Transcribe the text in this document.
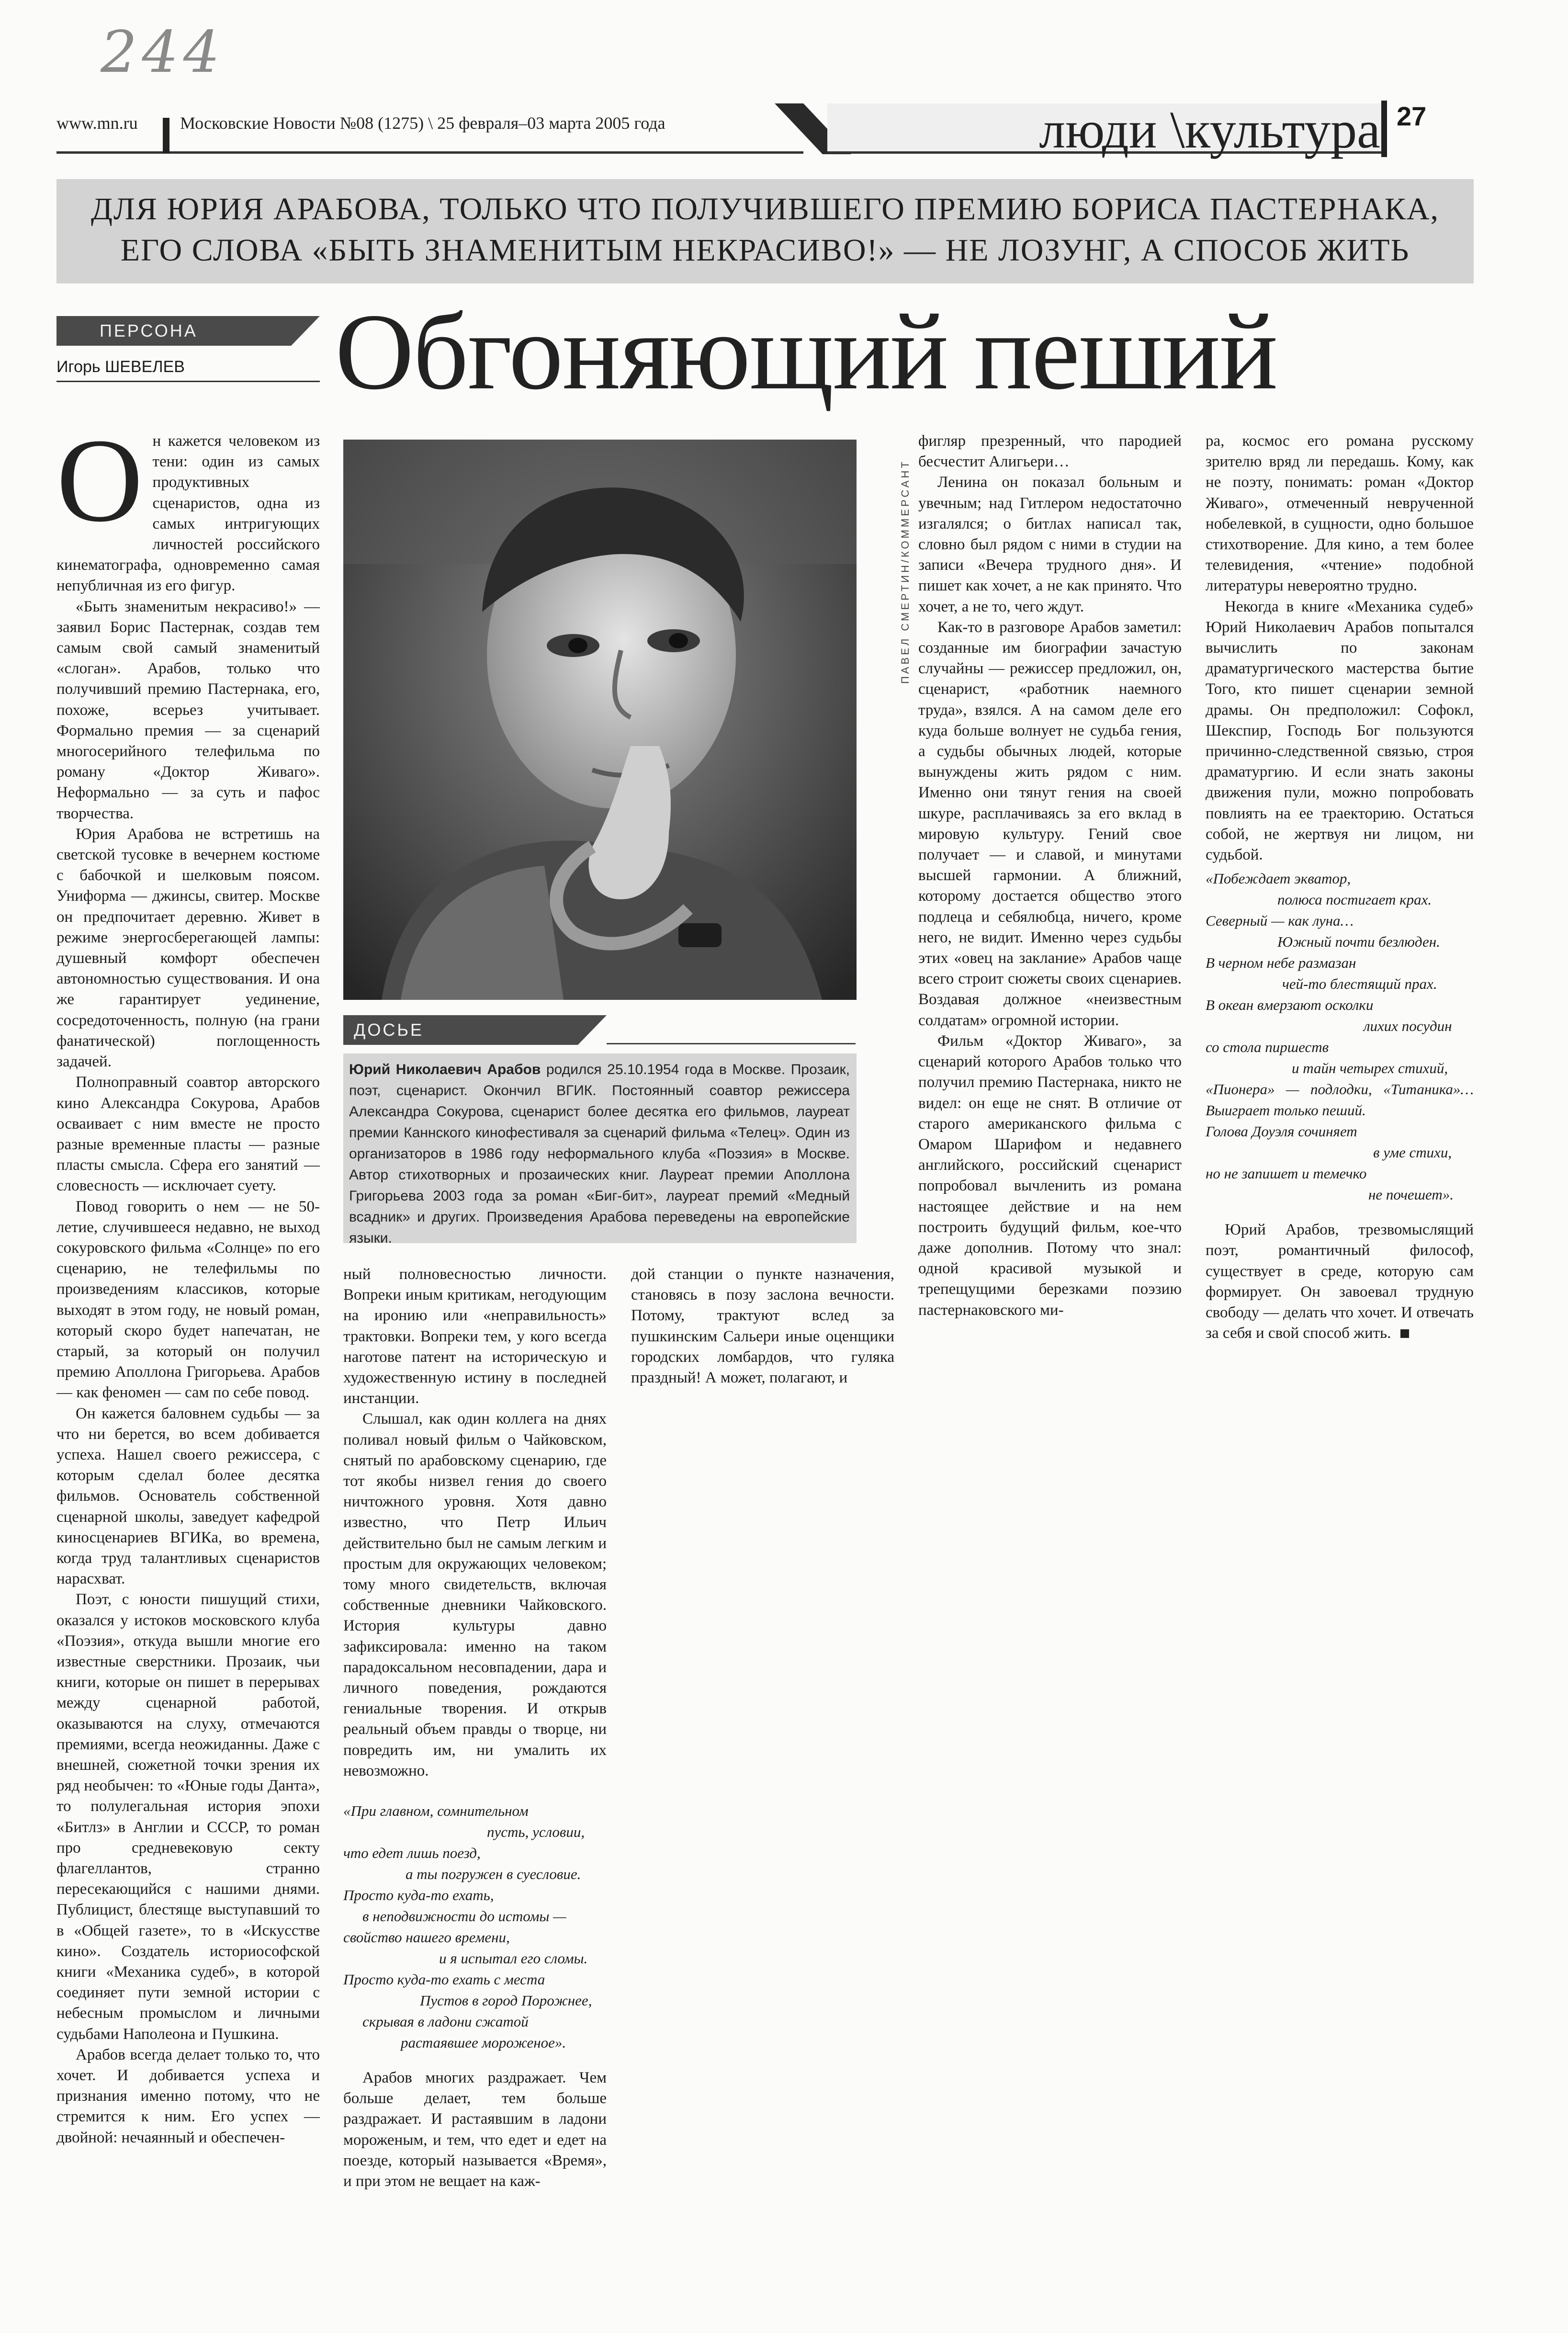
244
www.mn.ru Московские Новости №08 (1275) \ 25 февраля–03 марта 2005 года	люди \культура 27
ДЛЯ ЮРИЯ АРАБОВА, ТОЛЬКО ЧТО ПОЛУЧИВШЕГО ПРЕМИЮ БОРИСА ПАСТЕРНАКА,
ЕГО СЛОВА «БЫТЬ ЗНАМЕНИТЫМ НЕКРАСИВО!» — НЕ ЛОЗУНГ, А СПОСОБ ЖИТЬ
ПЕРСОНА
Игорь ШЕВЕЛЕВ Обгоняющий пеший

Он кажется человеком из тени: один из самых продуктивных сценаристов, одна из самых интригующих личностей российского кинематографа, одновременно самая непубличная из его фигур.

«Быть знаменитым некрасиво!» — заявил Борис Пастернак, создав тем самым свой самый знаменитый «слоган». Арабов, только что получивший премию Пастернака, его, похоже, всерьез учитывает. Формально премия — за сценарий многосерийного телефильма по роману «Доктор Живаго». Неформально — за суть и пафос творчества.

Юрия Арабова не встретишь на светской тусовке в вечернем костюме с бабочкой и шелковым поясом. Униформа — джинсы, свитер. Москве он предпочитает деревню. Живет в режиме энергосберегающей лампы: душевный комфорт обеспечен автономностью существования. И она же гарантирует уединение, сосредоточенность, полную (на грани фанатической) поглощенность задачей.

Полноправный соавтор авторского кино Александра Сокурова, Арабов осваивает с ним вместе не просто разные временные пласты — разные пласты смысла. Сфера его занятий — словесность — исключает суету.

Повод говорить о нем — не 50-летие, случившееся недавно, не выход сокуровского фильма «Солнце» по его сценарию, не телефильмы по произведениям классиков, которые выходят в этом году, не новый роман, который скоро будет напечатан, не старый, за который он получил премию Аполлона Григорьева. Арабов — как феномен — сам по себе повод.

Он кажется баловнем судьбы — за что ни берется, во всем добивается успеха. Нашел своего режиссера, с которым сделал более десятка фильмов. Основатель собственной сценарной школы, заведует кафедрой киносценариев ВГИКа, во времена, когда труд талантливых сценаристов нарасхват.

Поэт, с юности пишущий стихи, оказался у истоков московского клуба «Поэзия», откуда вышли многие его известные сверстники. Прозаик, чьи книги, которые он пишет в перерывах между сценарной работой, оказываются на слуху, отмечаются премиями, всегда неожиданны. Даже с внешней, сюжетной точки зрения их ряд необычен: то «Юные годы Данта», то полулегальная история эпохи «Битлз» в Англии и СССР, то роман про средневековую секту флагеллантов, странно пересекающийся с нашими днями. Публицист, блестяще выступавший то в «Общей газете», то в «Искусстве кино». Создатель историософской книги «Механика судеб», в которой соединяет пути земной истории с небесным промыслом и личными судьбами Наполеона и Пушкина.

Арабов всегда делает только то, что хочет. И добивается успеха и признания именно потому, что не стремится к ним. Его успех — двойной: нечаянный и обеспечен-

ПАВЕЛ СМЕРТИН/КОММЕРСАНТ
ДОСЬЕ
Юрий Николаевич Арабов родился 25.10.1954 года в Москве. Прозаик, поэт, сценарист. Окончил ВГИК. Постоянный соавтор режиссера Александра Сокурова, сценарист более десятка его фильмов, лауреат премии Каннского кинофестиваля за сценарий фильма «Телец». Один из организаторов в 1986 году неформального клуба «Поэзия» в Москве. Автор стихотворных и прозаических книг. Лауреат премии Аполлона Григорьева 2003 года за роман «Биг-бит», лауреат премий «Медный всадник» и других. Произведения Арабова переведены на европейские языки.

ный полновесностью личности. Вопреки иным критикам, негодующим на иронию или «неправильность» трактовки. Вопреки тем, у кого всегда наготове патент на историческую и художественную истину в последней инстанции.

Слышал, как один коллега на днях поливал новый фильм о Чайковском, снятый по арабовскому сценарию, где тот якобы низвел гения до своего ничтожного уровня. Хотя давно известно, что Петр Ильич действительно был не самым легким и простым для окружающих человеком; тому много свидетельств, включая собственные дневники Чайковского. История культуры давно зафиксировала: именно на таком парадоксальном несовпадении, дара и личного поведения, рождаются гениальные творения. И открыв реальный объем правды о творце, ни повредить им, ни умалить их невозможно.

«При главном, сомнительном
пусть, условии,
что едет лишь поезд,
а ты погружен в суесловие.
Просто куда-то ехать,
в неподвижности до истомы —
свойство нашего времени,
и я испытал его сломы.
Просто куда-то ехать с места
Пустов в город Порожнее,
скрывая в ладони сжатой
растаявшее мороженое».

Арабов многих раздражает. Чем больше делает, тем больше раздражает. И растаявшим в ладони мороженым, и тем, что едет и едет на поезде, который называется «Время», и при этом не вещает на каж-

дой станции о пункте назначения, становясь в позу заслонa вечности. Потому, трактуют вслед за пушкинским Сальери иные оценщики городских ломбардов, что гуляка праздный! А может, полагают, и

фигляр презренный, что пародией бесчестит Алигьери…

Ленина он показал больным и увечным; над Гитлером недостаточно изгалялся; о битлах написал так, словно был рядом с ними в студии на записи «Вечера трудного дня». И пишет как хочет, а не как принято. Что хочет, а не то, чего ждут.

Как-то в разговоре Арабов заметил: созданные им биографии зачастую случайны — режиссер предложил, он, сценарист, «работник наемного труда», взялся. А на самом деле его куда больше волнует не судьба гения, а судьбы обычных людей, которые вынуждены жить рядом с ним. Именно они тянут гения на своей шкуре, расплачиваясь за его вклад в мировую культуру. Гений свое получает — и славой, и минутами высшей гармонии. А ближний, которому достается общество этого подлеца и себялюбца, ничего, кроме него, не видит. Именно через судьбы этих «овец на заклание» Арабов чаще всего строит сюжеты своих сценариев. Воздавая должное «неизвестным солдатам» огромной истории.

Фильм «Доктор Живаго», за сценарий которого Арабов только что получил премию Пастернака, никто не видел: он еще не снят. В отличие от старого американского фильма с Омаром Шарифом и недавнего английского, российский сценарист попробовал вычленить из романа настоящее действие и на нем построить будущий фильм, кое-что даже дополнив. Потому что знал: одной красивой музыкой и трепещущими березками поэзию пастернаковского ми-

ра, космос его романа русскому зрителю вряд ли передашь. Кому, как не поэту, понимать: роман «Доктор Живаго», отмеченный неврученной нобелевкой, в сущности, одно большое стихотворение. Для кино, а тем более телевидения, «чтение» подобной литературы невероятно трудно.

Некогда в книге «Механика судеб» Юрий Николаевич Арабов попытался вычислить по законам драматургического мастерства бытие Того, кто пишет сценарии земной драмы. Он предположил: Софокл, Шекспир, Господь Бог пользуются причинно-следственной связью, строя драматургию. И если знать законы движения пули, можно попробовать повлиять на ее траекторию. Остаться собой, не жертвуя ни лицом, ни судьбой.

«Побеждает экватор,
полюса постигает крах.
Северный — как луна…
Южный почти безлюден.
В черном небе размазан
чей-то блестящий прах.
В океан вмерзают осколки
лихих посудин
со стола пиршеств
и тайн четырех стихий,
«Пионера» — подлодки, «Титаника»… Выиграет только пеший.
Голова Доуэля сочиняет
в уме стихи,
но не запишет и темечко
не почешет».

Юрий Арабов, трезвомыслящий поэт, романтичный философ, существует в среде, которую сам формирует. Он завоевал трудную свободу — делать что хочет. И отвечать за себя и свой способ жить.
